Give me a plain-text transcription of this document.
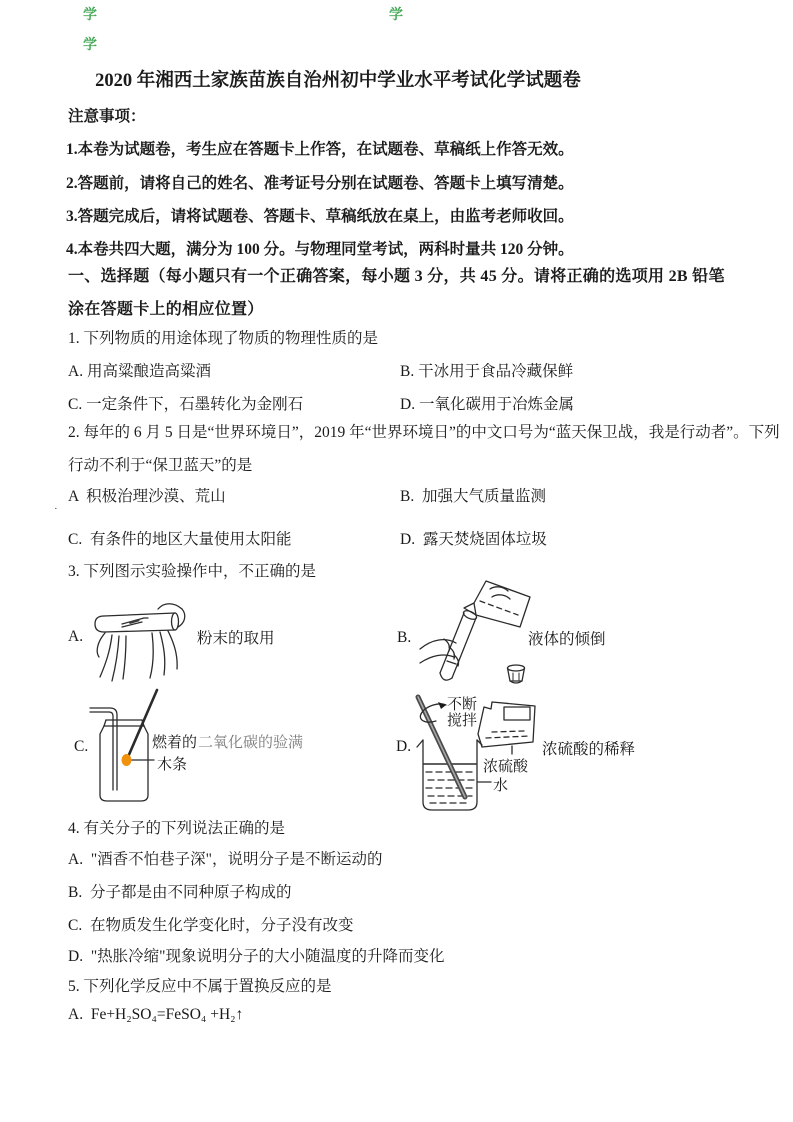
学	学
学
2020 年湘西土家族苗族自治州初中学业水平考试化学试题卷
注意事项：
1.本卷为试题卷，考生应在答题卡上作答，在试题卷、草稿纸上作答无效。
2.答题前，请将自己的姓名、准考证号分别在试题卷、答题卡上填写清楚。
3.答题完成后，请将试题卷、答题卡、草稿纸放在桌上，由监考老师收回。
4.本卷共四大题，满分为 100 分。与物理同堂考试，两科时量共 120 分钟。
一、选择题（每小题只有一个正确答案，每小题 3 分，共 45 分。请将正确的选项用 2B 铅笔
涂在答题卡上的相应位置）
1. 下列物质的用途体现了物质的物理性质的是
A. 用高粱酿造高粱酒	B. 干冰用于食品冷藏保鲜
C. 一定条件下，石墨转化为金刚石	D. 一氧化碳用于冶炼金属
2. 每年的 6 月 5 日是“世界环境日”，2019 年“世界环境日”的中文口号为“蓝天保卫战，我是行动者”。下列
行动不利于“保卫蓝天”的是
A  积极治理沙漠、荒山	B.  加强大气质量监测
·
C.  有条件的地区大量使用太阳能	D.  露天焚烧固体垃圾
3. 下列图示实验操作中，不正确的是
A.	粉末的取用	B.	液体的倾倒
C.	燃着的 二氧化碳的验满
木条
D.
不断
搅拌
浓硫酸
水
浓硫酸的稀释
4. 有关分子的下列说法正确的是
A.  "酒香不怕巷子深"，说明分子是不断运动的
B.  分子都是由不同种原子构成的
C.  在物质发生化学变化时，分子没有改变
D.  "热胀冷缩"现象说明分子的大小随温度的升降而变化
5. 下列化学反应中不属于置换反应的是
A.  Fe+H₂SO₄=FeSO₄ +H₂↑
